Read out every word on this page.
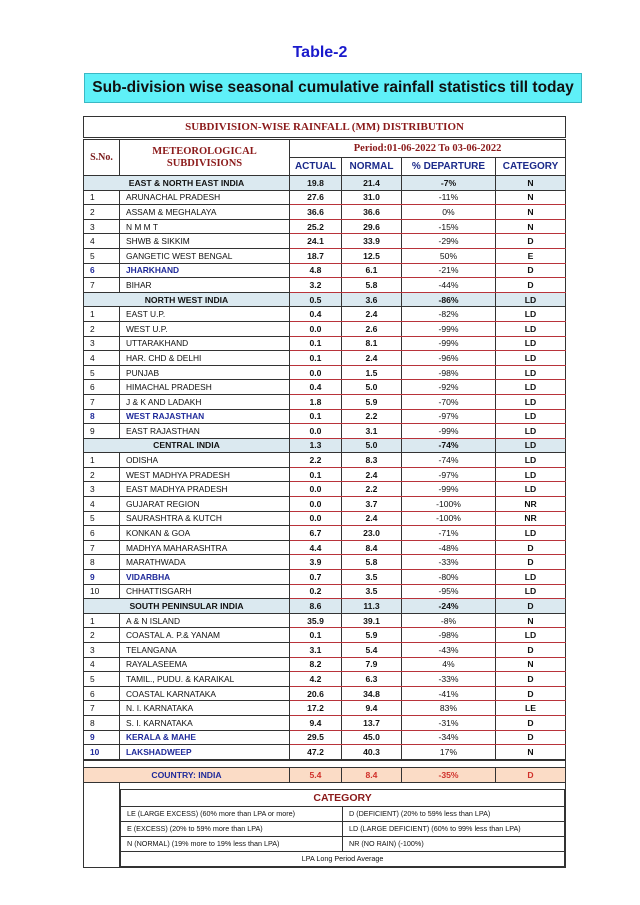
Table-2
Sub-division wise seasonal cumulative rainfall statistics till today
SUBDIVISION-WISE RAINFALL (MM) DISTRIBUTION
S.No.	
METEOROLOGICAL
SUBDIVISIONS
	Period:01-06-2022 To 03-06-2022
ACTUAL	NORMAL	% DEPARTURE	CATEGORY
EAST & NORTH EAST INDIA	19.8	21.4	-7%	N
1	ARUNACHAL PRADESH	27.6	31.0	-11%	N
2	ASSAM & MEGHALAYA	36.6	36.6	0%	N
3	N M M T	25.2	29.6	-15%	N
4	SHWB & SIKKIM	24.1	33.9	-29%	D
5	GANGETIC WEST BENGAL	18.7	12.5	50%	E
6	JHARKHAND	4.8	6.1	-21%	D
7	BIHAR	3.2	5.8	-44%	D
NORTH WEST INDIA	0.5	3.6	-86%	LD
1	EAST U.P.	0.4	2.4	-82%	LD
2	WEST U.P.	0.0	2.6	-99%	LD
3	UTTARAKHAND	0.1	8.1	-99%	LD
4	HAR. CHD & DELHI	0.1	2.4	-96%	LD
5	PUNJAB	0.0	1.5	-98%	LD
6	HIMACHAL PRADESH	0.4	5.0	-92%	LD
7	J & K AND LADAKH	1.8	5.9	-70%	LD
8	WEST RAJASTHAN	0.1	2.2	-97%	LD
9	EAST RAJASTHAN	0.0	3.1	-99%	LD
CENTRAL INDIA	1.3	5.0	-74%	LD
1	ODISHA	2.2	8.3	-74%	LD
2	WEST MADHYA PRADESH	0.1	2.4	-97%	LD
3	EAST MADHYA PRADESH	0.0	2.2	-99%	LD
4	GUJARAT REGION	0.0	3.7	-100%	NR
5	SAURASHTRA & KUTCH	0.0	2.4	-100%	NR
6	KONKAN & GOA	6.7	23.0	-71%	LD
7	MADHYA MAHARASHTRA	4.4	8.4	-48%	D
8	MARATHWADA	3.9	5.8	-33%	D
9	VIDARBHA	0.7	3.5	-80%	LD
10	CHHATTISGARH	0.2	3.5	-95%	LD
SOUTH PENINSULAR INDIA	8.6	11.3	-24%	D
1	A & N ISLAND	35.9	39.1	-8%	N
2	COASTAL A. P.& YANAM	0.1	5.9	-98%	LD
3	TELANGANA	3.1	5.4	-43%	D
4	RAYALASEEMA	8.2	7.9	4%	N
5	TAMIL., PUDU. & KARAIKAL	4.2	6.3	-33%	D
6	COASTAL KARNATAKA	20.6	34.8	-41%	D
7	N. I. KARNATAKA	17.2	9.4	83%	LE
8	S. I. KARNATAKA	9.4	13.7	-31%	D
9	KERALA & MAHE	29.5	45.0	-34%	D
10	LAKSHADWEEP	47.2	40.3	17%	N

COUNTRY: INDIA	5.4	8.4	-35%	D

CATEGORY
LE (LARGE EXCESS) (60% more than LPA or more)	D (DEFICIENT) (20% to 59% less than LPA)
E (EXCESS) (20% to 59% more than LPA)	LD (LARGE DEFICIENT) (60% to 99% less than LPA)
N (NORMAL) (19% more to 19% less than LPA)	NR (NO RAIN) (-100%)
LPA Long Period Average
